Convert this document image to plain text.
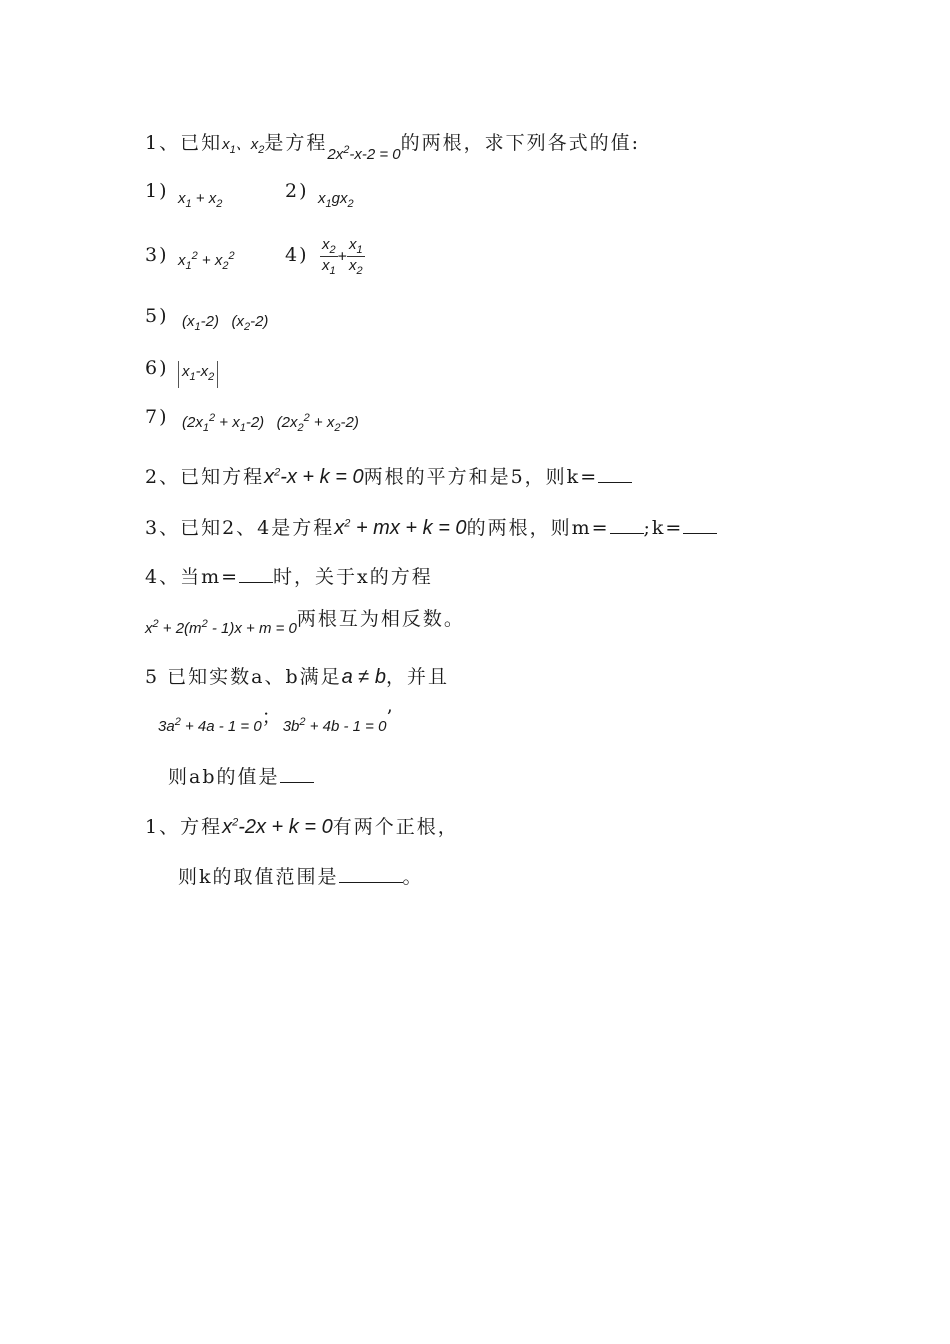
1、已知$x_1$、$x_2$是方程$_{2x^2-x-2 = 0}$的两根，求下列各式的值:
1) $x_1 + x_2$
2) $x_1gx_2$
3) $x_1^2 + x_2^2$	$4) \frac{x_2}{x_1} + \frac{x_1}{x_2}$
5) $(x_1-2)$   $(x_2-2)$
6) $x_1-x_2$
7) $(2x_1^2 + x_1-2) (2x_2^2 + x_2-2)$
2、已知方程$x^2-x + k = 0$两根的平方和是5，则k=
3、已知2、4是方程$x^2$ + mx + k = 0的两根，则m= ;k=
4、当m= 时，关于x的方程
$_{x^2 + 2(m^2 - 1)x + m = 0}$两根互为相反数。
5 已知实数a、b满足a ≠ b，并且
$3a^2 + 4a - 1 = 0$；$3b^2 + 4b - 1 = 0$’
则ab的值是
1、方程$x^2-2x + k = 0$有两个正根，
则k的取值范围是	。
